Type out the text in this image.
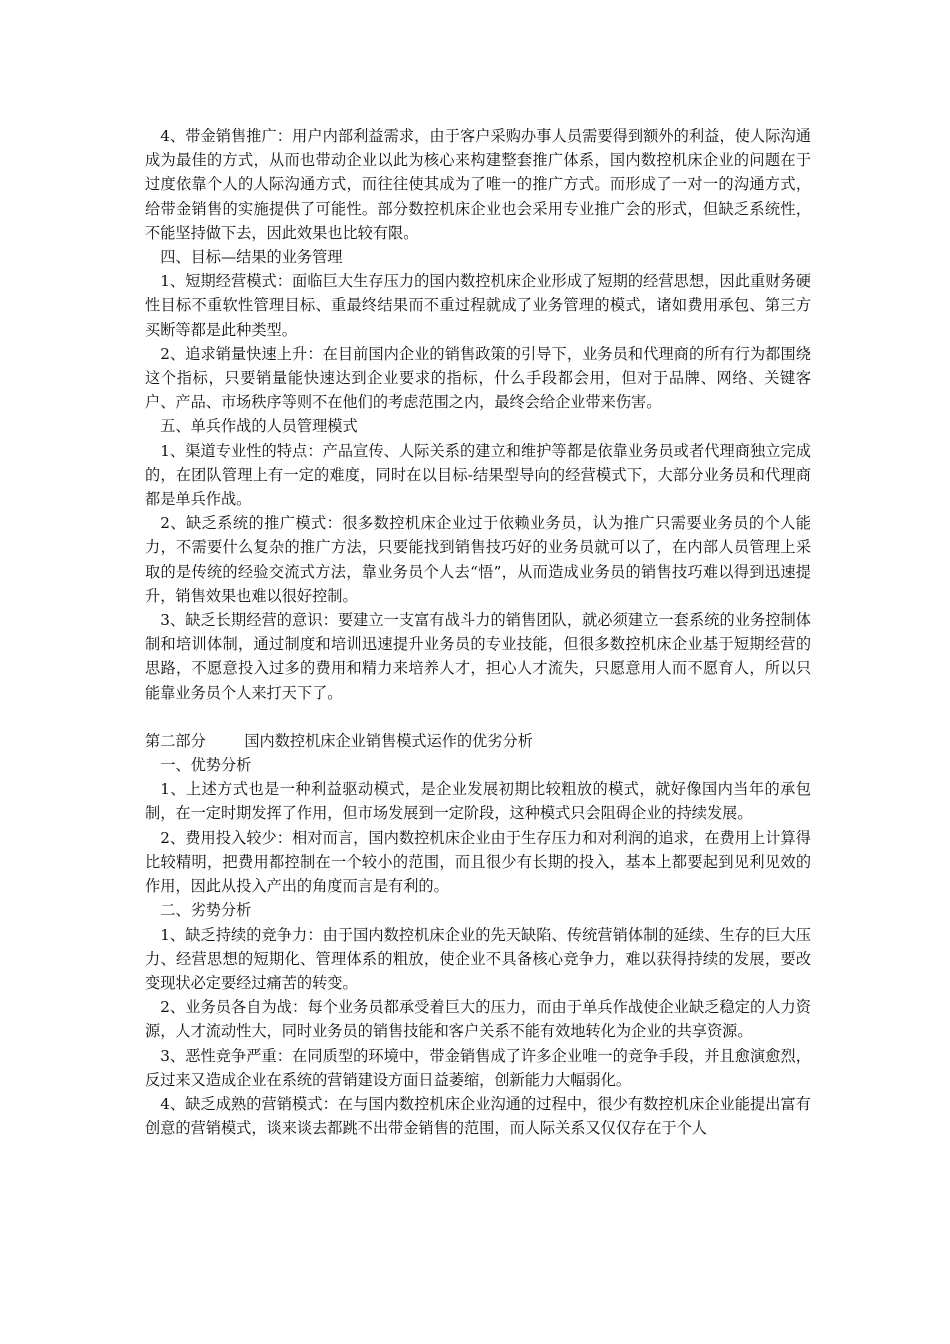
4、带金销售推广：用户内部利益需求，由于客户采购办事人员需要得到额外的利益，使人际沟通成为最佳的方式，从而也带动企业以此为核心来构建整套推广体系，国内数控机床企业的问题在于过度依靠个人的人际沟通方式，而往往使其成为了唯一的推广方式。而形成了一对一的沟通方式，给带金销售的实施提供了可能性。部分数控机床企业也会采用专业推广会的形式，但缺乏系统性，不能坚持做下去，因此效果也比较有限。

四、目标—结果的业务管理

1、短期经营模式：面临巨大生存压力的国内数控机床企业形成了短期的经营思想，因此重财务硬性目标不重软性管理目标、重最终结果而不重过程就成了业务管理的模式，诸如费用承包、第三方买断等都是此种类型。

2、追求销量快速上升：在目前国内企业的销售政策的引导下，业务员和代理商的所有行为都围绕这个指标，只要销量能快速达到企业要求的指标，什么手段都会用，但对于品牌、网络、关键客户、产品、市场秩序等则不在他们的考虑范围之内，最终会给企业带来伤害。

五、单兵作战的人员管理模式

1、渠道专业性的特点：产品宣传、人际关系的建立和维护等都是依靠业务员或者代理商独立完成的，在团队管理上有一定的难度，同时在以目标-结果型导向的经营模式下，大部分业务员和代理商都是单兵作战。

2、缺乏系统的推广模式：很多数控机床企业过于依赖业务员，认为推广只需要业务员的个人能力，不需要什么复杂的推广方法，只要能找到销售技巧好的业务员就可以了，在内部人员管理上采取的是传统的经验交流式方法，靠业务员个人去“悟”，从而造成业务员的销售技巧难以得到迅速提升，销售效果也难以很好控制。

3、缺乏长期经营的意识：要建立一支富有战斗力的销售团队，就必须建立一套系统的业务控制体制和培训体制，通过制度和培训迅速提升业务员的专业技能，但很多数控机床企业基于短期经营的思路，不愿意投入过多的费用和精力来培养人才，担心人才流失，只愿意用人而不愿育人，所以只能靠业务员个人来打天下了。

第二部分        国内数控机床企业销售模式运作的优劣分析

一、优势分析

1、上述方式也是一种利益驱动模式，是企业发展初期比较粗放的模式，就好像国内当年的承包制，在一定时期发挥了作用，但市场发展到一定阶段，这种模式只会阻碍企业的持续发展。

2、费用投入较少：相对而言，国内数控机床企业由于生存压力和对利润的追求，在费用上计算得比较精明，把费用都控制在一个较小的范围，而且很少有长期的投入，基本上都要起到见利见效的作用，因此从投入产出的角度而言是有利的。

二、劣势分析

1、缺乏持续的竞争力：由于国内数控机床企业的先天缺陷、传统营销体制的延续、生存的巨大压力、经营思想的短期化、管理体系的粗放，使企业不具备核心竞争力，难以获得持续的发展，要改变现状必定要经过痛苦的转变。

2、业务员各自为战：每个业务员都承受着巨大的压力，而由于单兵作战使企业缺乏稳定的人力资源，人才流动性大，同时业务员的销售技能和客户关系不能有效地转化为企业的共享资源。

3、恶性竞争严重：在同质型的环境中，带金销售成了许多企业唯一的竞争手段，并且愈演愈烈，反过来又造成企业在系统的营销建设方面日益萎缩，创新能力大幅弱化。

4、缺乏成熟的营销模式：在与国内数控机床企业沟通的过程中，很少有数控机床企业能提出富有创意的营销模式，谈来谈去都跳不出带金销售的范围，而人际关系又仅仅存在于个人
